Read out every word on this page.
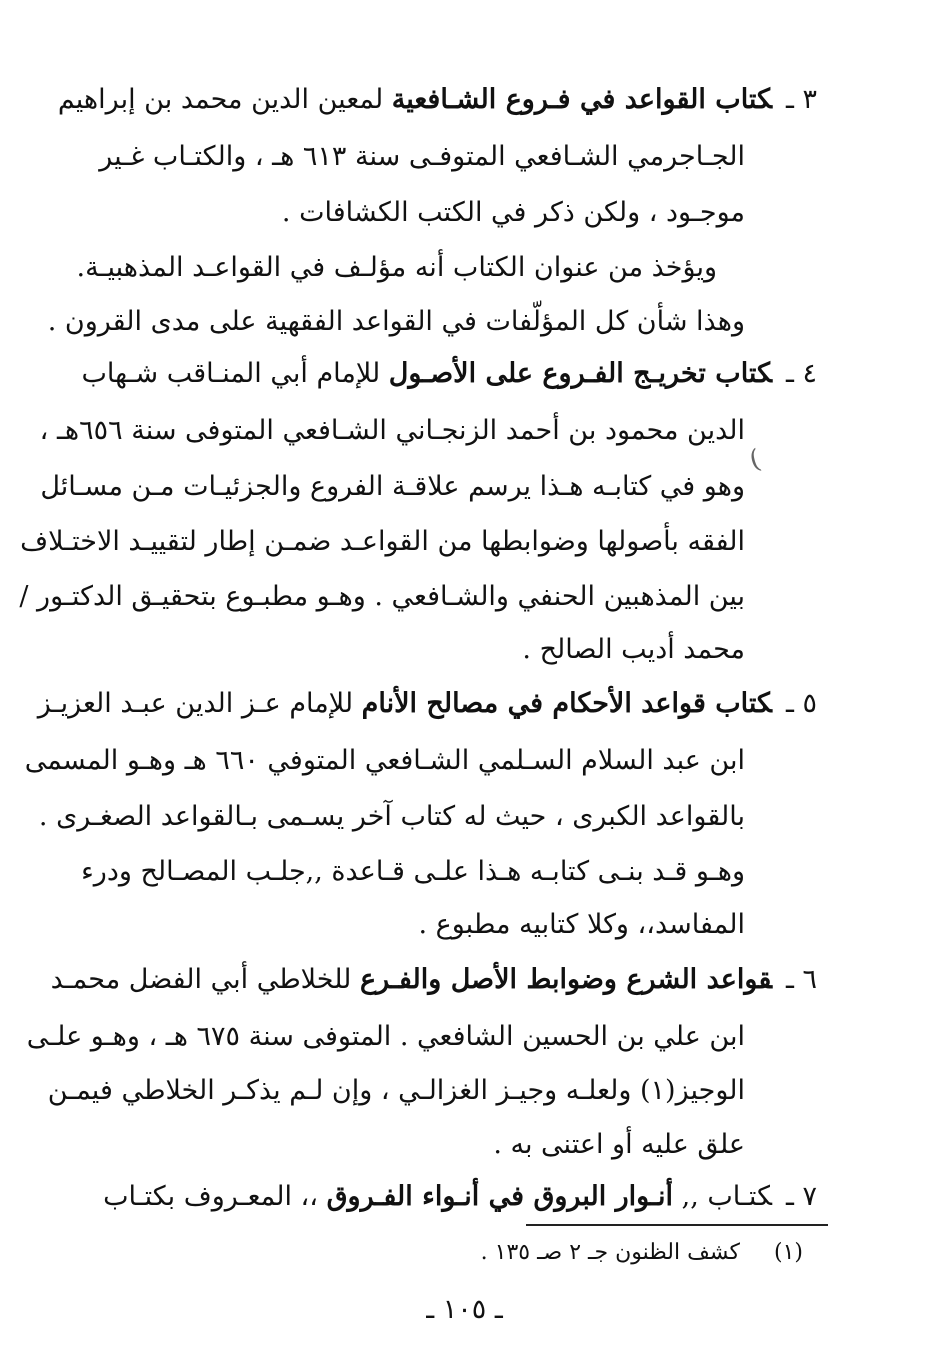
٣ ـكتاب القواعد في فـروع الشـافعية لمعين الدين محمد بن إبراهيم
الجـاجرمي الشـافعي المتوفـى سنة ٦١٣ هـ ، والكتـاب غـير
موجـود ، ولكن ذكر في الكتب الكشافات .
ويؤخذ من عنوان الكتاب أنه مؤلـف في القواعـد المذهبيـة.
وهذا شأن كل المؤلّفات في القواعد الفقهية على مدى القرون .
٤ ـكتاب تخريـج الفـروع على الأصـول للإمام أبي المنـاقب شـهاب
الدين محمود بن أحمد الزنجـاني الشـافعي المتوفى سنة ٦٥٦هـ ،
وهو في كتابـه هـذا يرسم علاقـة الفروع والجزئيـات مـن مسـائل
الفقه بأصولها وضوابطها من القواعـد ضمـن إطار لتقييـد الاختـلاف
بين المذهبين الحنفي والشـافعي . وهـو مطبـوع بتحقيـق الدكتـور /
محمد أديب الصالح .
٥ ـكتاب قواعد الأحكام في مصالح الأنام للإمام عـز الدين عبـد العزيـز
ابن عبد السلام السـلمي الشـافعي المتوفي ٦٦٠ هـ وهـو المسمى
بالقواعد الكبرى ، حيث له كتاب آخر يسـمى بـالقواعد الصغـرى .
وهـو قـد بنـى كتابـه هـذا علـى قـاعدة ,,جلـب المصـالح ودرء
المفاسد،، وكلا كتابيه مطبوع .
٦ ـقواعد الشرع وضوابط الأصل والفـرع للخلاطي أبي الفضل محمـد
ابن علي بن الحسين الشافعي . المتوفى سنة ٦٧٥ هـ ، وهـو علـى
الوجيز(١) ولعلـه وجيـز الغزالـي ، وإن لـم يذكـر الخلاطي فيمـن
علق عليه أو اعتنى به .
٧ ـكتـاب ,, أنـوار البروق في أنـواء الفـروق ،، المعـروف بكتـاب
(
(١)كشف الظنون جـ ٢ صـ ١٣٥ .
ـ ١٠٥ ـ
